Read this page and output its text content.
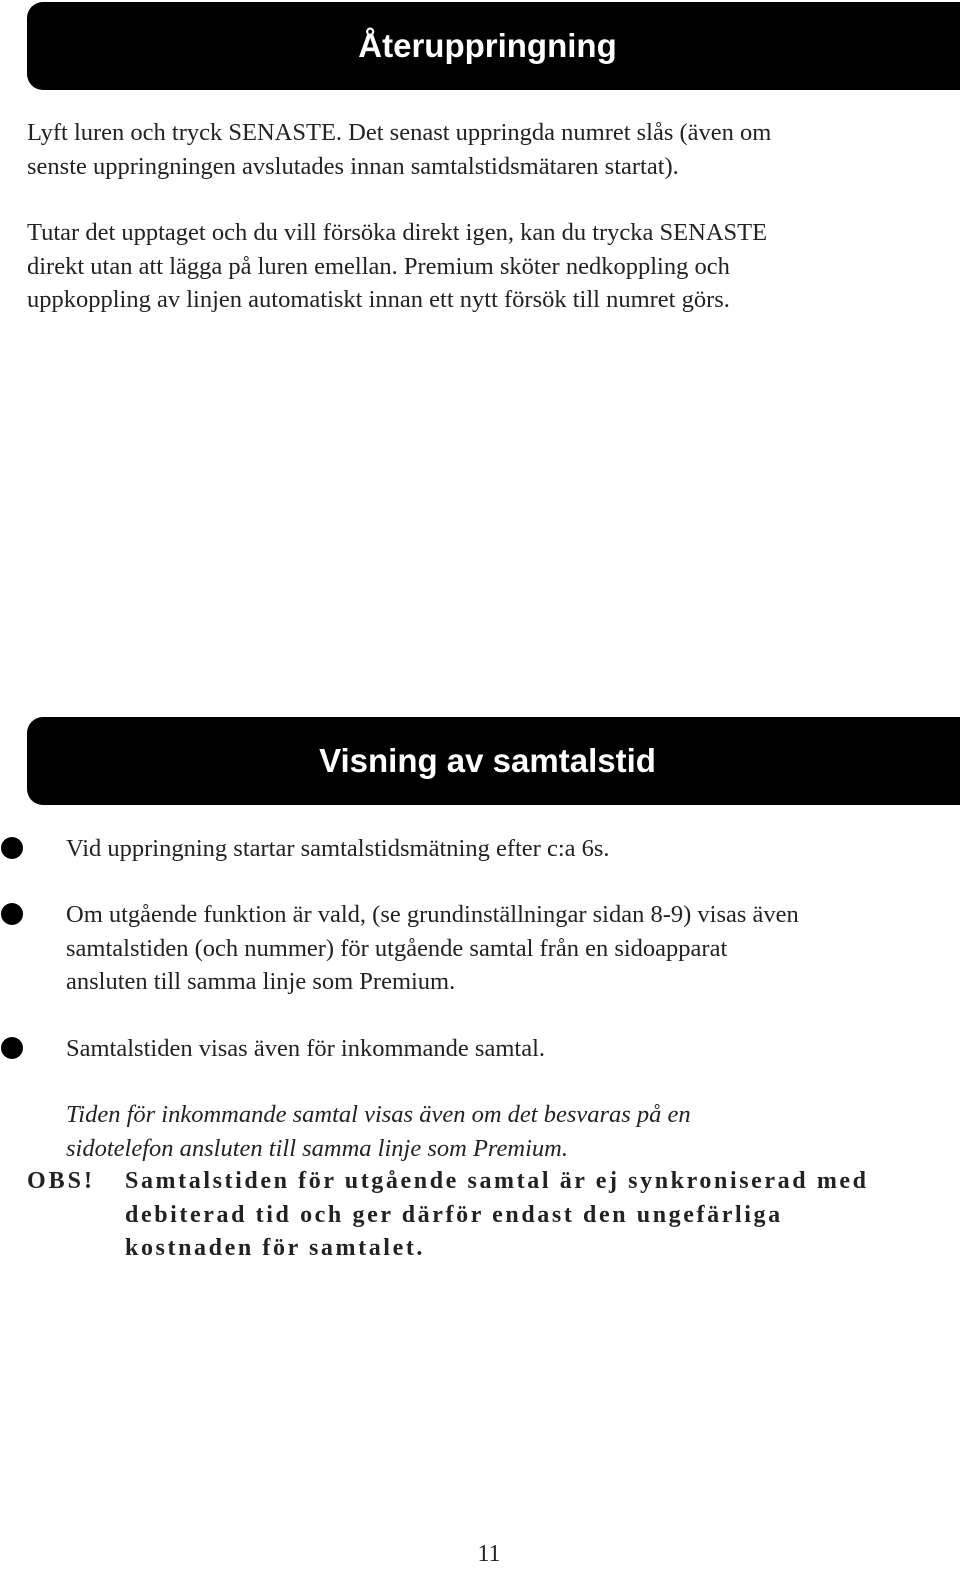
Återuppringning

Lyft luren och tryck SENASTE. Det senast uppringda numret slås (även om
senste uppringningen avslutades innan samtalstidsmätaren startat).

Tutar det upptaget och du vill försöka direkt igen, kan du trycka SENASTE
direkt utan att lägga på luren emellan. Premium sköter nedkoppling och
uppkoppling av linjen automatiskt innan ett nytt försök till numret görs.

Visning av samtalstid

Vid uppringning startar samtalstidsmätning efter c:a 6s.

Om utgående funktion är vald, (se grundinställningar sidan 8-9) visas även
samtalstiden (och nummer) för utgående samtal från en sidoapparat
ansluten till samma linje som Premium.

Samtalstiden visas även för inkommande samtal.

Tiden för inkommande samtal visas även om det besvaras på en
sidotelefon ansluten till samma linje som Premium.

OBS! Samtalstiden för utgående samtal är ej synkroniserad med
debiterad tid och ger därför endast den ungefärliga
kostnaden för samtalet.

11
